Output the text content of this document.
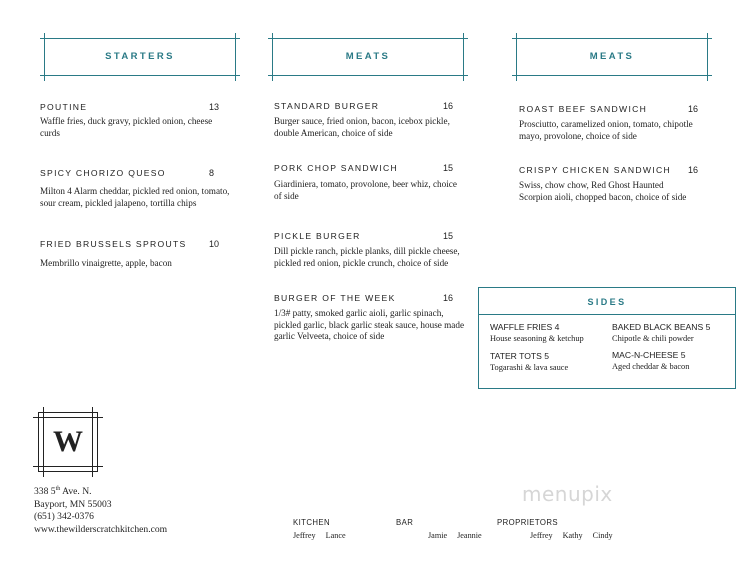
STARTERS	MEATS	MEATS
POUTINE	13
Waffle fries, duck gravy, pickled onion, cheese
curds
SPICY CHORIZO QUESO	8
Milton 4 Alarm cheddar, pickled red onion, tomato,
sour cream, pickled jalapeno, tortilla chips
FRIED BRUSSELS SPROUTS	10
Membrillo vinaigrette, apple, bacon
STANDARD BURGER	16
Burger sauce, fried onion, bacon, icebox pickle,
double American, choice of side
PORK CHOP SANDWICH	15
Giardiniera, tomato, provolone, beer whiz, choice
of side
PICKLE BURGER	15
Dill pickle ranch, pickle planks, dill pickle cheese,
pickled red onion, pickle crunch, choice of side
BURGER OF THE WEEK	16
1/3# patty, smoked garlic aioli, garlic spinach,
pickled garlic, black garlic steak sauce, house made
garlic Velveeta, choice of side
ROAST BEEF SANDWICH	16
Prosciutto, caramelized onion, tomato, chipotle
mayo, provolone, choice of side
CRISPY CHICKEN SANDWICH	16
Swiss, chow chow, Red Ghost Haunted
Scorpion aioli, chopped bacon, choice of side
SIDES
WAFFLE FRIES 4
House seasoning & ketchup
BAKED BLACK BEANS 5
Chipotle & chili powder
TATER TOTS 5
Togarashi & lava sauce
MAC-N-CHEESE 5
Aged cheddar & bacon
W
338 5th Ave. N.
Bayport, MN 55003
(651) 342-0376
www.thewilderscratchkitchen.com
KITCHEN
Jeffrey Lance
BAR
Jamie Jeannie
PROPRIETORS
Jeffrey Kathy Cindy
menupix
